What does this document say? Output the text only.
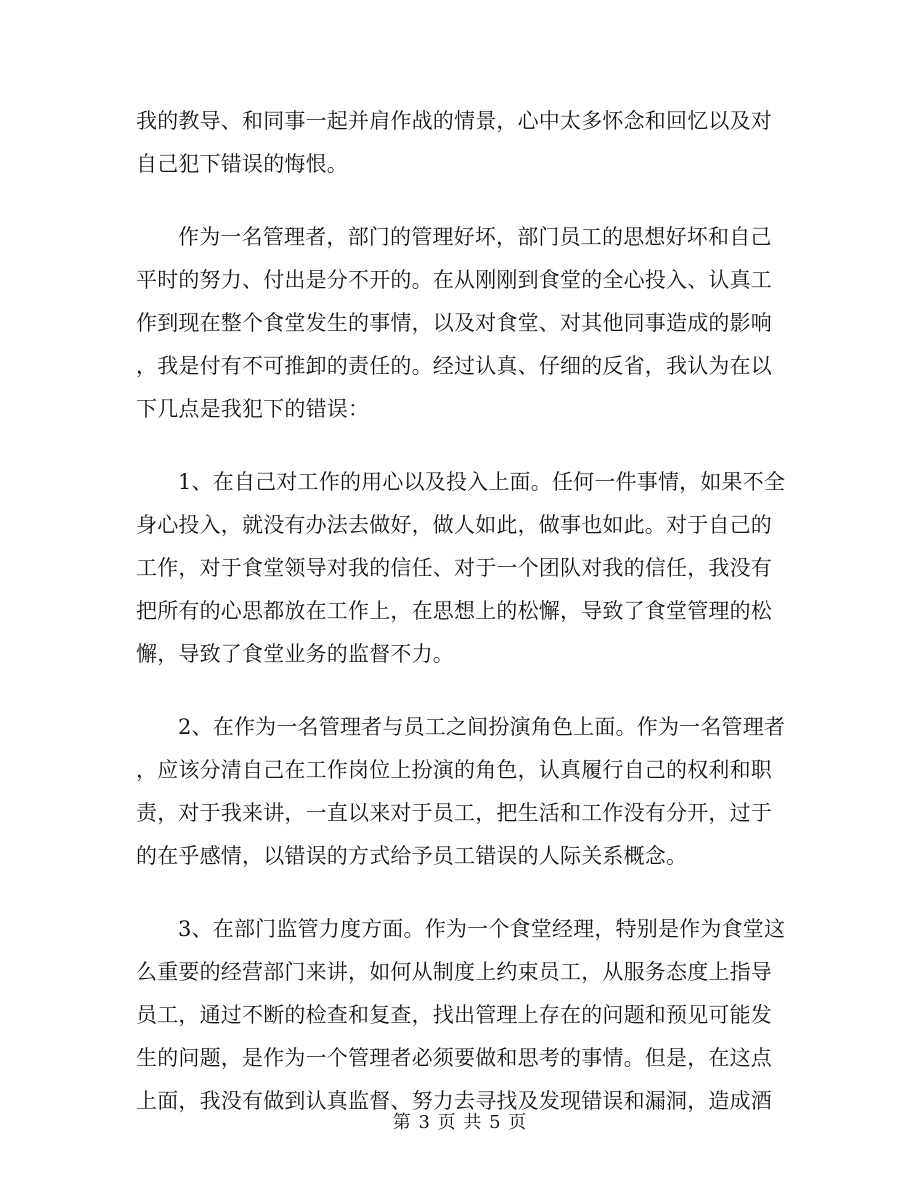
我的教导、和同事一起并肩作战的情景，心中太多怀念和回忆以及对
自己犯下错误的悔恨。
作为一名管理者，部门的管理好坏，部门员工的思想好坏和自己
平时的努力、付出是分不开的。在从刚刚到食堂的全心投入、认真工
作到现在整个食堂发生的事情，以及对食堂、对其他同事造成的影响
，我是付有不可推卸的责任的。经过认真、仔细的反省，我认为在以
下几点是我犯下的错误：
1、在自己对工作的用心以及投入上面。任何一件事情，如果不全
身心投入，就没有办法去做好，做人如此，做事也如此。对于自己的
工作，对于食堂领导对我的信任、对于一个团队对我的信任，我没有
把所有的心思都放在工作上，在思想上的松懈，导致了食堂管理的松
懈，导致了食堂业务的监督不力。
2、在作为一名管理者与员工之间扮演角色上面。作为一名管理者
，应该分清自己在工作岗位上扮演的角色，认真履行自己的权利和职
责，对于我来讲，一直以来对于员工，把生活和工作没有分开，过于
的在乎感情，以错误的方式给予员工错误的人际关系概念。
3、在部门监管力度方面。作为一个食堂经理，特别是作为食堂这
么重要的经营部门来讲，如何从制度上约束员工，从服务态度上指导
员工，通过不断的检查和复查，找出管理上存在的问题和预见可能发
生的问题，是作为一个管理者必须要做和思考的事情。但是，在这点
上面，我没有做到认真监督、努力去寻找及发现错误和漏洞，造成酒
第 3 页 共 5 页
